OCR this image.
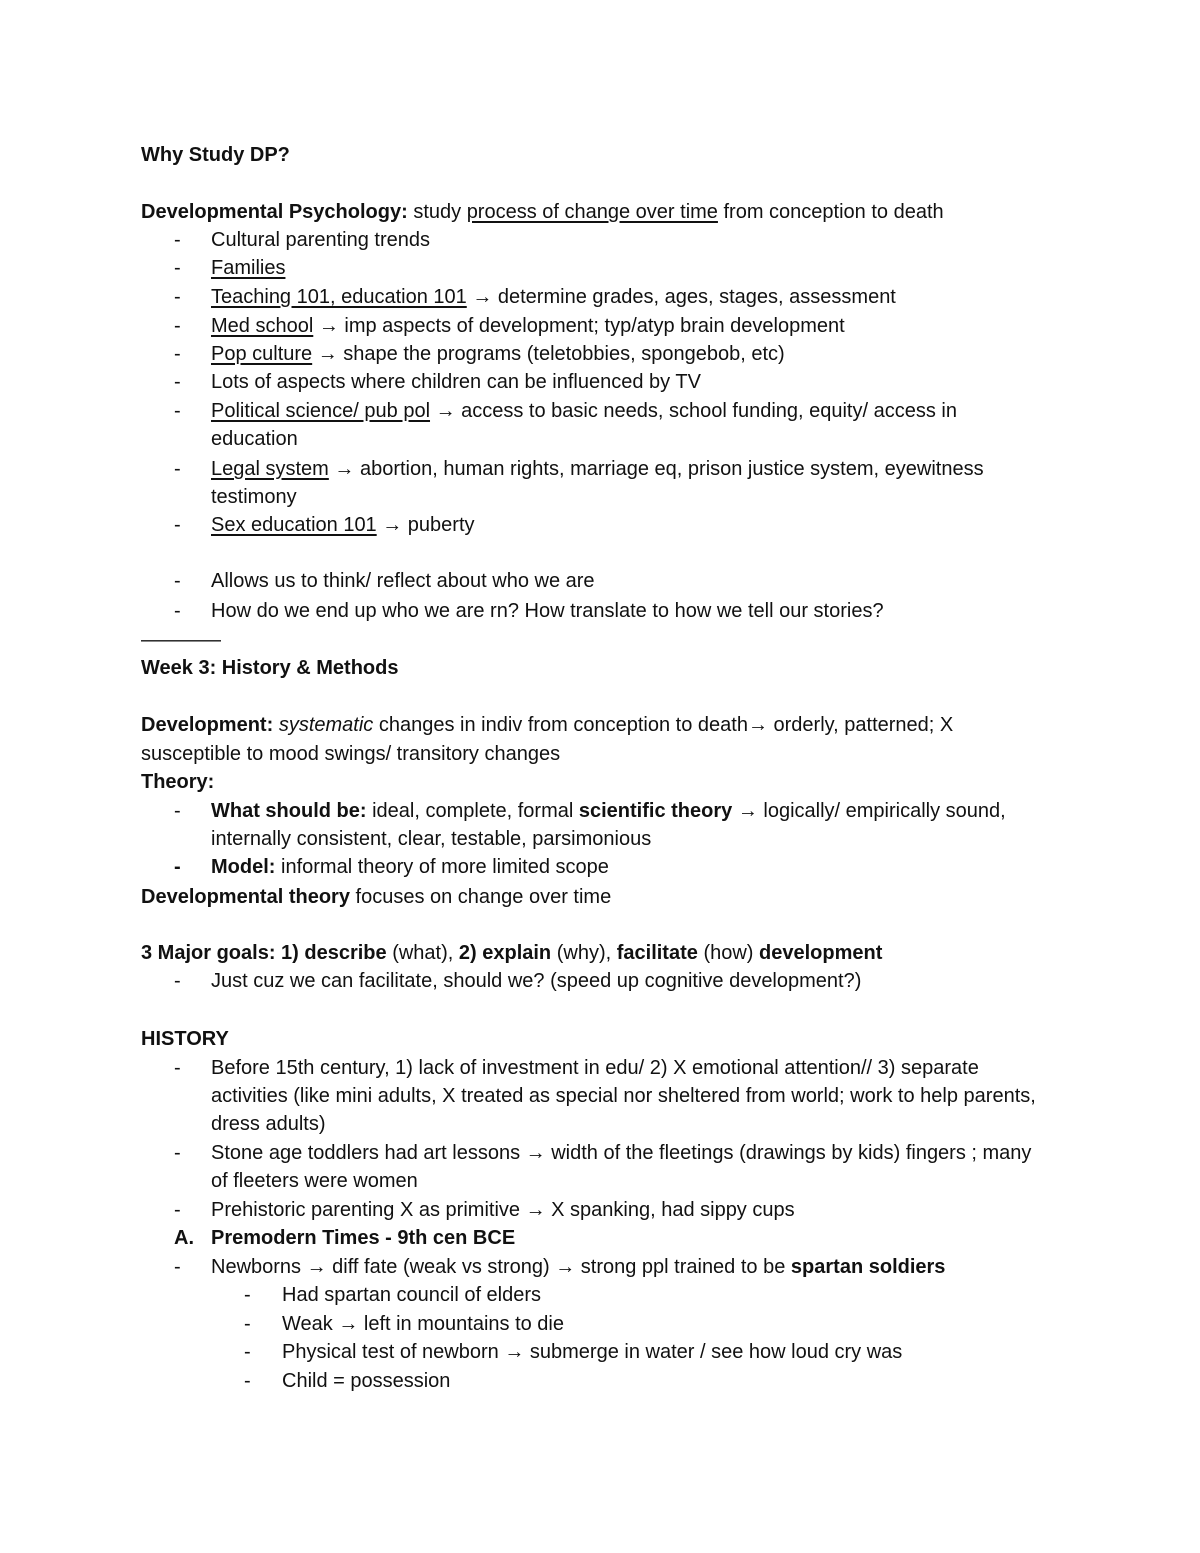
Why Study DP?
Developmental Psychology: study process of change over time from conception to death
- Cultural parenting trends
- Families
- Teaching 101, education 101 → determine grades, ages, stages, assessment
- Med school → imp aspects of development; typ/atyp brain development
- Pop culture → shape the programs (teletobbies, spongebob, etc)
- Lots of aspects where children can be influenced by TV
- Political science/ pub pol → access to basic needs, school funding, equity/ access in
education
- Legal system → abortion, human rights, marriage eq, prison justice system, eyewitness
testimony
- Sex education 101 → puberty
- Allows us to think/ reflect about who we are
- How do we end up who we are rn? How translate to how we tell our stories?
————
Week 3: History & Methods
Development: systematic changes in indiv from conception to death→ orderly, patterned; X
susceptible to mood swings/ transitory changes
Theory:
- What should be: ideal, complete, formal scientific theory → logically/ empirically sound,
internally consistent, clear, testable, parsimonious
- Model: informal theory of more limited scope
Developmental theory focuses on change over time
3 Major goals: 1) describe (what), 2) explain (why), facilitate (how) development
- Just cuz we can facilitate, should we? (speed up cognitive development?)
HISTORY
- Before 15th century, 1) lack of investment in edu/ 2) X emotional attention// 3) separate
activities (like mini adults, X treated as special nor sheltered from world; work to help parents,
dress adults)
- Stone age toddlers had art lessons → width of the fleetings (drawings by kids) fingers ; many
of fleeters were women
- Prehistoric parenting X as primitive → X spanking, had sippy cups
A. Premodern Times - 9th cen BCE
- Newborns → diff fate (weak vs strong) → strong ppl trained to be spartan soldiers
- Had spartan council of elders
- Weak → left in mountains to die
- Physical test of newborn → submerge in water / see how loud cry was
- Child = possession
